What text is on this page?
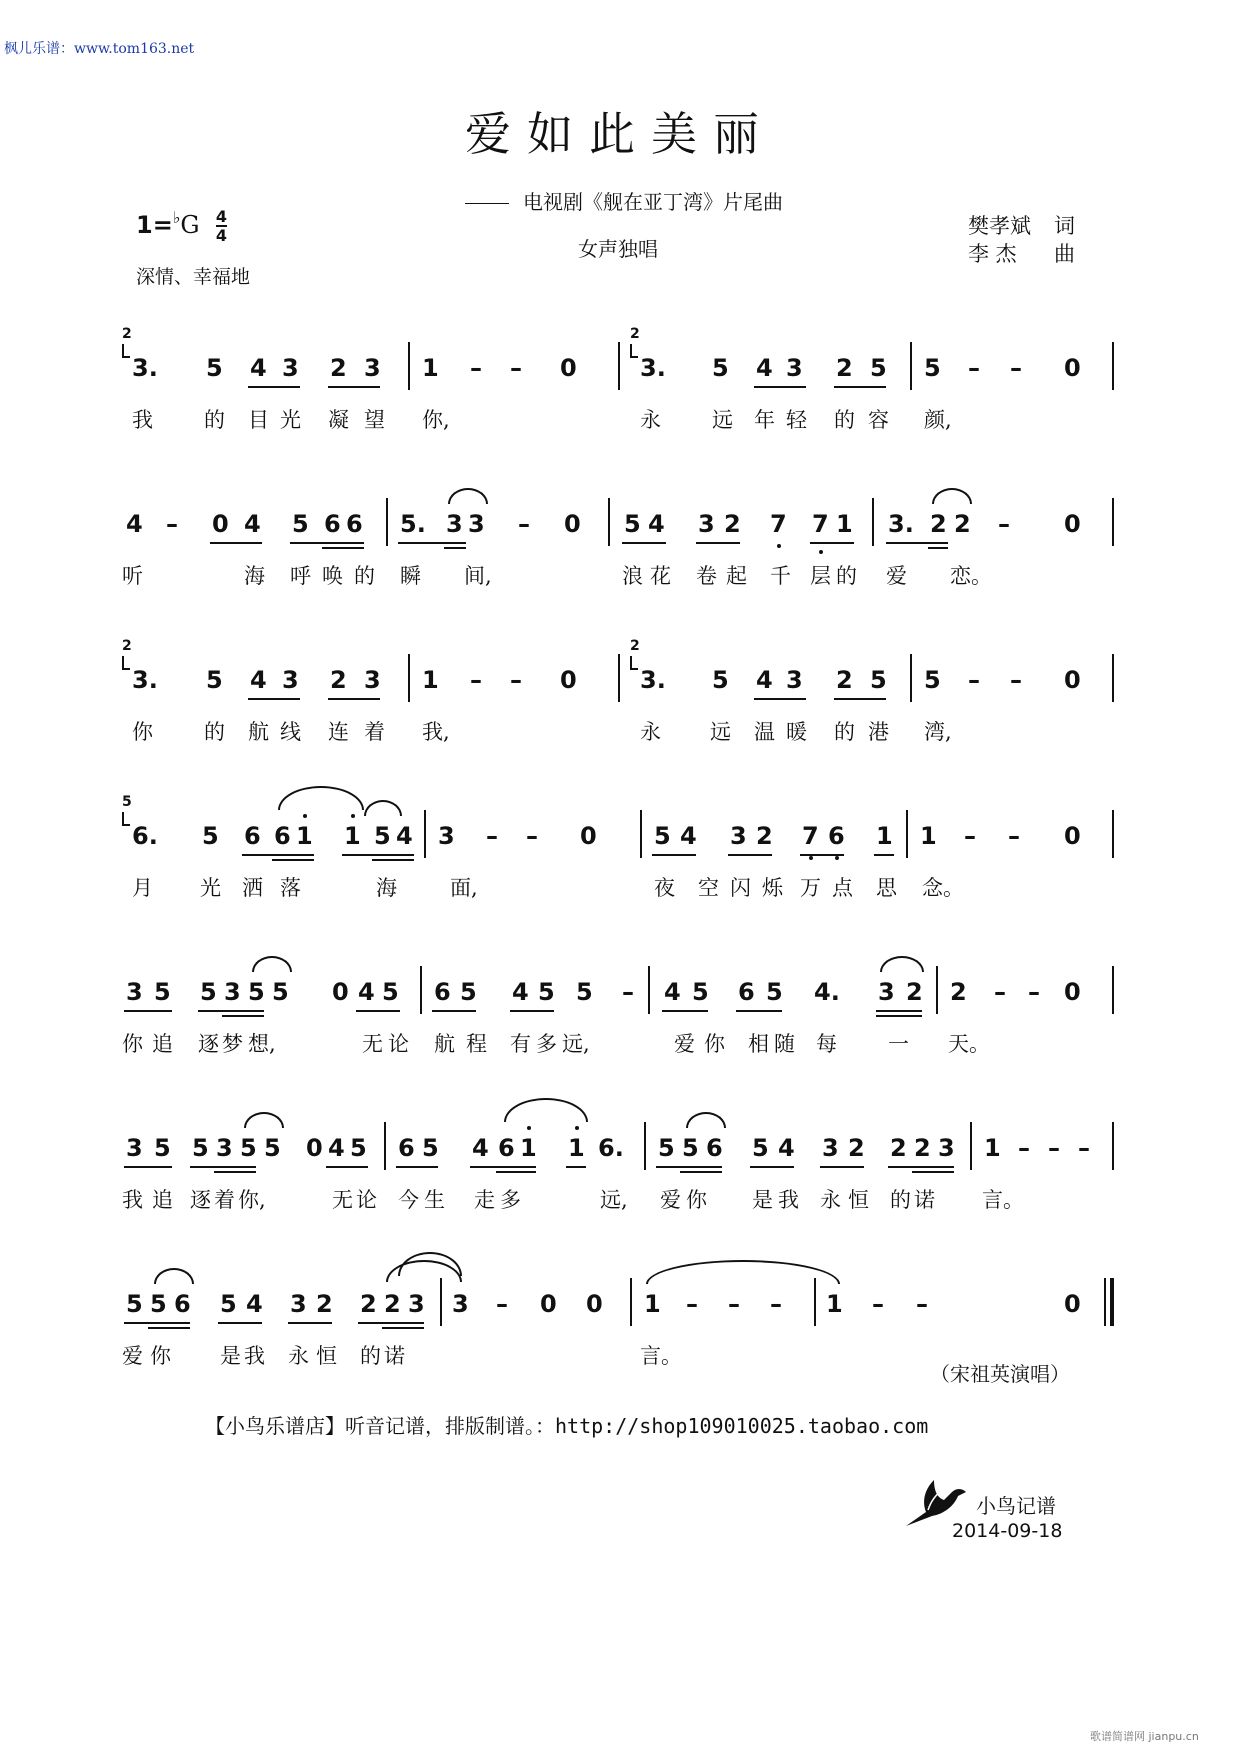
枫儿乐谱：www.tom163.net
爱如此美丽
电视剧《舰在亚丁湾》片尾曲
女声独唱
$1=^♭G \frac{4}{4}$
深情、幸福地
樊孝斌 词
李 杰 曲
2	2
3. 5 4 3 2 3 1 – – 0	3. 5 4 3 2 5 5 – – 0
我 的 目 光 凝 望 你,	永 远 年 轻 的 容 颜,
4 – 0 4 5 6 6 5. 3 3 – 0 5 4 3 2 7 7 1 3. 2 2 – 0
听	海 呼 唤 的 瞬 间,	浪 花 卷 起 千 层 的 爱 恋。
2	2
3. 5 4 3 2 3 1 – – 0	3. 5 4 3 2 5 5 – – 0
你 的 航 线 连 着 我,	永 远 温 暖 的 港 湾,
5
6. 5 6 6 1 1 5 4 3 – – 0 5 4 3 2 7 6 1 1 – – 0
月 光 洒 落	海	面,	夜 空 闪 烁 万 点 思 念。
3 5 5 3 5 5 0 4 5 6 5 4 5 5 – 4 5 6 5 4. 3 2 2 – – 0
你 追 逐 梦 想,	无 论 航 程 有 多 远,	爱 你 相 随 每 一 天。
3 5 5 3 5 5 0 4 5 6 5 4 6 1 1 6. 5 5 6 5 4 3 2 2 2 3 1 – – –
我 追 逐 着 你,	无 论 今 生 走 多	远, 爱 你 是 我 永 恒 的 诺 言。
5 5 6 5 4 3 2 2 2 3 3 – 0 0 1 – – – 1 – –	0
爱 你 是 我 永 恒 的 诺	言。
（宋祖英演唱）
【小鸟乐谱店】听音记谱，排版制谱。：http://shop109010025.taobao.com
小鸟记谱
2014-09-18
歌谱简谱网 jianpu.cn
